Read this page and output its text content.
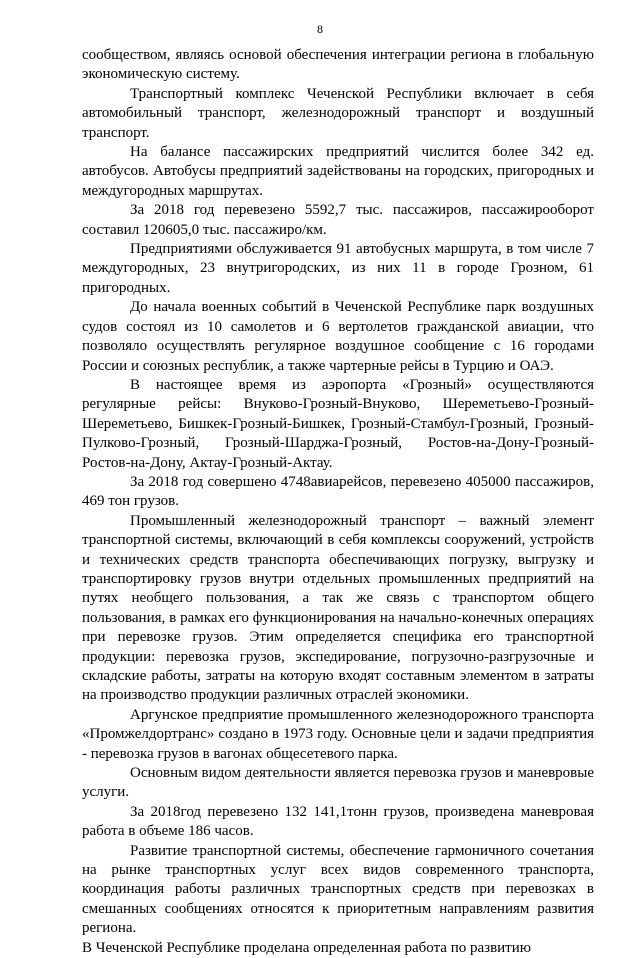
8

сообществом, являясь основой обеспечения интеграции региона в глобальную экономическую систему.

Транспортный комплекс Чеченской Республики включает в себя автомобильный транспорт, железнодорожный транспорт и воздушный транспорт.

На балансе пассажирских предприятий числится более 342 ед. автобусов. Автобусы предприятий задействованы на городских, пригородных и междугородных маршрутах.

За 2018 год перевезено 5592,7 тыс. пассажиров, пассажирооборот составил 120605,0 тыс. пассажиро/км.

Предприятиями обслуживается 91 автобусных маршрута, в том числе 7 междугородных, 23 внутригородских, из них 11 в городе Грозном, 61 пригородных.

До начала военных событий в Чеченской Республике парк воздушных судов состоял из 10 самолетов и 6 вертолетов гражданской авиации, что позволяло осуществлять регулярное воздушное сообщение с 16 городами России и союзных республик, а также чартерные рейсы в Турцию и ОАЭ.

В настоящее время из аэропорта «Грозный» осуществляются регулярные рейсы: Внуково-Грозный-Внуково, Шереметьево-Грозный-Шереметьево, Бишкек-Грозный-Бишкек, Грозный-Стамбул-Грозный, Грозный-Пулково-Грозный, Грозный-Шарджа-Грозный, Ростов-на-Дону-Грозный-Ростов-на-Дону, Актау-Грозный-Актау.

За 2018 год совершено 4748авиарейсов, перевезено 405000 пассажиров, 469 тон грузов.

Промышленный железнодорожный транспорт – важный элемент транспортной системы, включающий в себя комплексы сооружений, устройств и технических средств транспорта обеспечивающих погрузку, выгрузку и транспортировку грузов внутри отдельных промышленных предприятий на путях необщего пользования, а так же связь с транспортом общего пользования, в рамках его функционирования на начально-конечных операциях при перевозке грузов. Этим определяется специфика его транспортной продукции: перевозка грузов, экспедирование, погрузочно-разгрузочные и складские работы, затраты на которую входят составным элементом в затраты на производство продукции различных отраслей экономики.

Аргунское предприятие промышленного железнодорожного транспорта «Промжелдортранс» создано в 1973 году. Основные цели и задачи предприятия - перевозка грузов в вагонах общесетевого парка.

Основным видом деятельности является перевозка грузов и маневровые услуги.

За 2018год перевезено 132 141,1тонн грузов, произведена маневровая работа в объеме 186 часов.

Развитие транспортной системы, обеспечение гармоничного сочетания на рынке транспортных услуг всех видов современного транспорта, координация работы различных транспортных средств при перевозках в смешанных сообщениях относятся к приоритетным направлениям развития региона.

В Чеченской Республике проделана определенная работа по развитию
